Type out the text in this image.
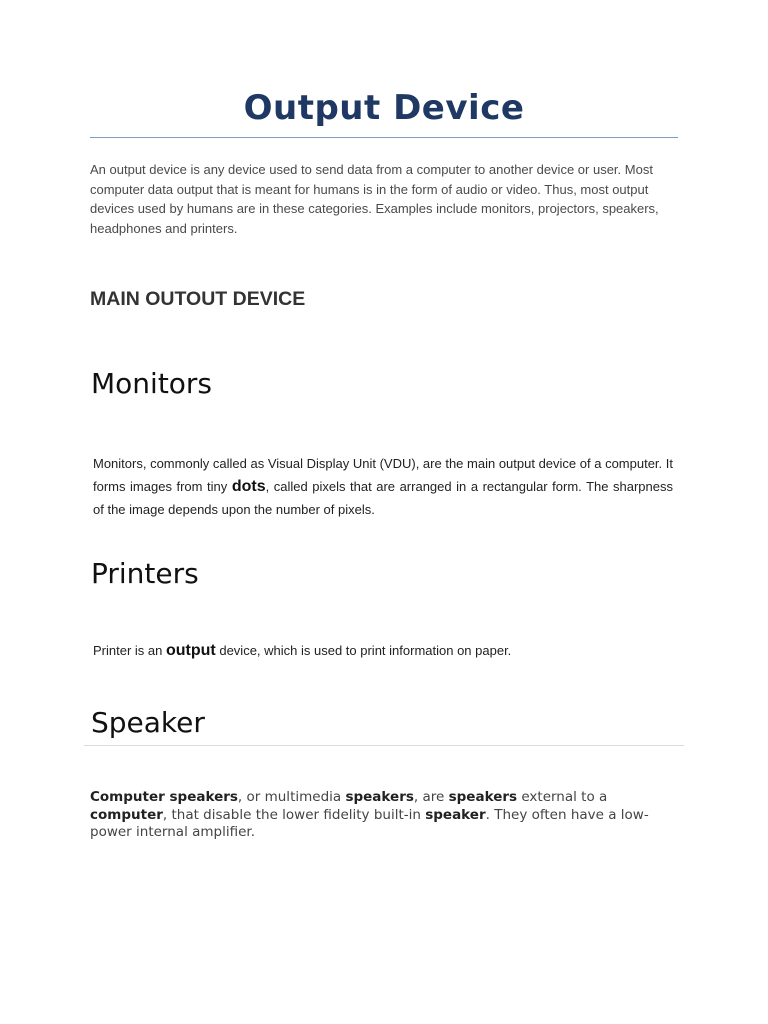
Output Device

An output device is any device used to send data from a computer to another device or user. Most computer data output that is meant for humans is in the form of audio or video. Thus, most output devices used by humans are in these categories. Examples include monitors, projectors, speakers, headphones and printers.

MAIN OUTOUT DEVICE
Monitors

Monitors, commonly called as Visual Display Unit (VDU), are the main output device of a computer. It forms images from tiny dots, called pixels that are arranged in a rectangular form. The sharpness of the image depends upon the number of pixels.

Printers

Printer is an output device, which is used to print information on paper.

Speaker

Computer speakers, or multimedia speakers, are speakers external to a computer, that disable the lower fidelity built-in speaker. They often have a low-power internal amplifier.
